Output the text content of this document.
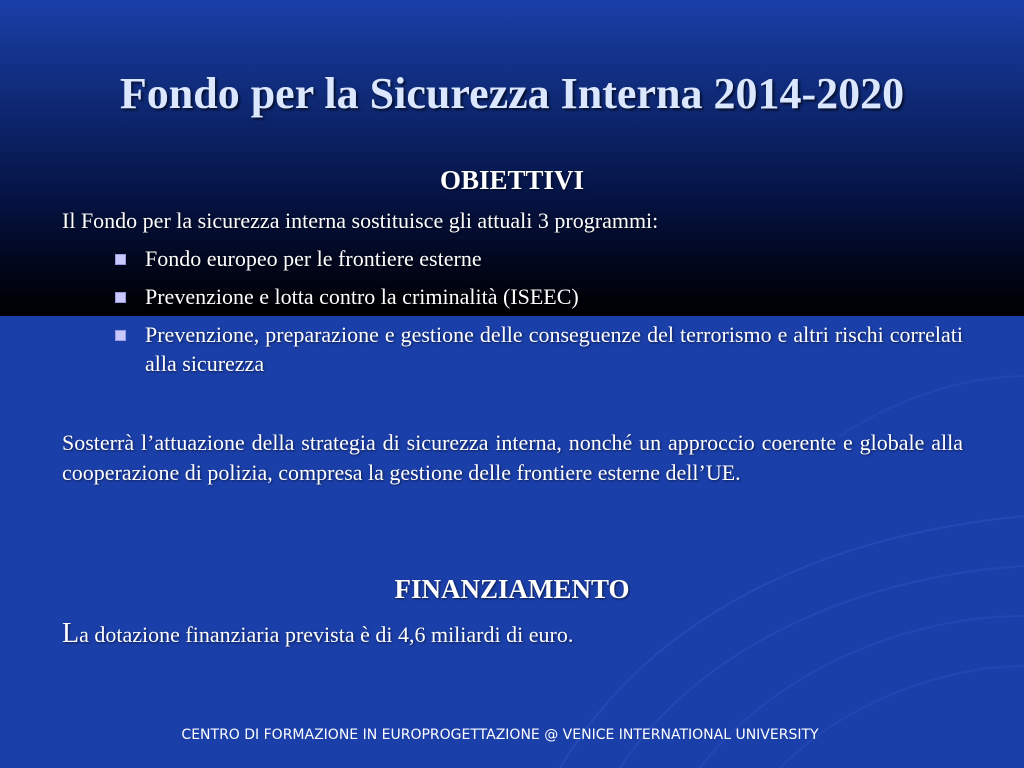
Fondo per la Sicurezza Interna 2014-2020
OBIETTIVI

Il Fondo per la sicurezza interna sostituisce gli attuali 3 programmi:

Fondo europeo per le frontiere esterne
Prevenzione e lotta contro la criminalità (ISEEC)
Prevenzione, preparazione e gestione delle conseguenze del terrorismo e altri rischi correlati alla sicurezza

Sosterrà l’attuazione della strategia di sicurezza interna, nonché un approccio coerente e globale alla cooperazione di polizia, compresa la gestione delle frontiere esterne dell’UE.

FINANZIAMENTO

La dotazione finanziaria prevista è di 4,6 miliardi di euro.

CENTRO DI FORMAZIONE IN EUROPROGETTAZIONE @ VENICE INTERNATIONAL UNIVERSITY
